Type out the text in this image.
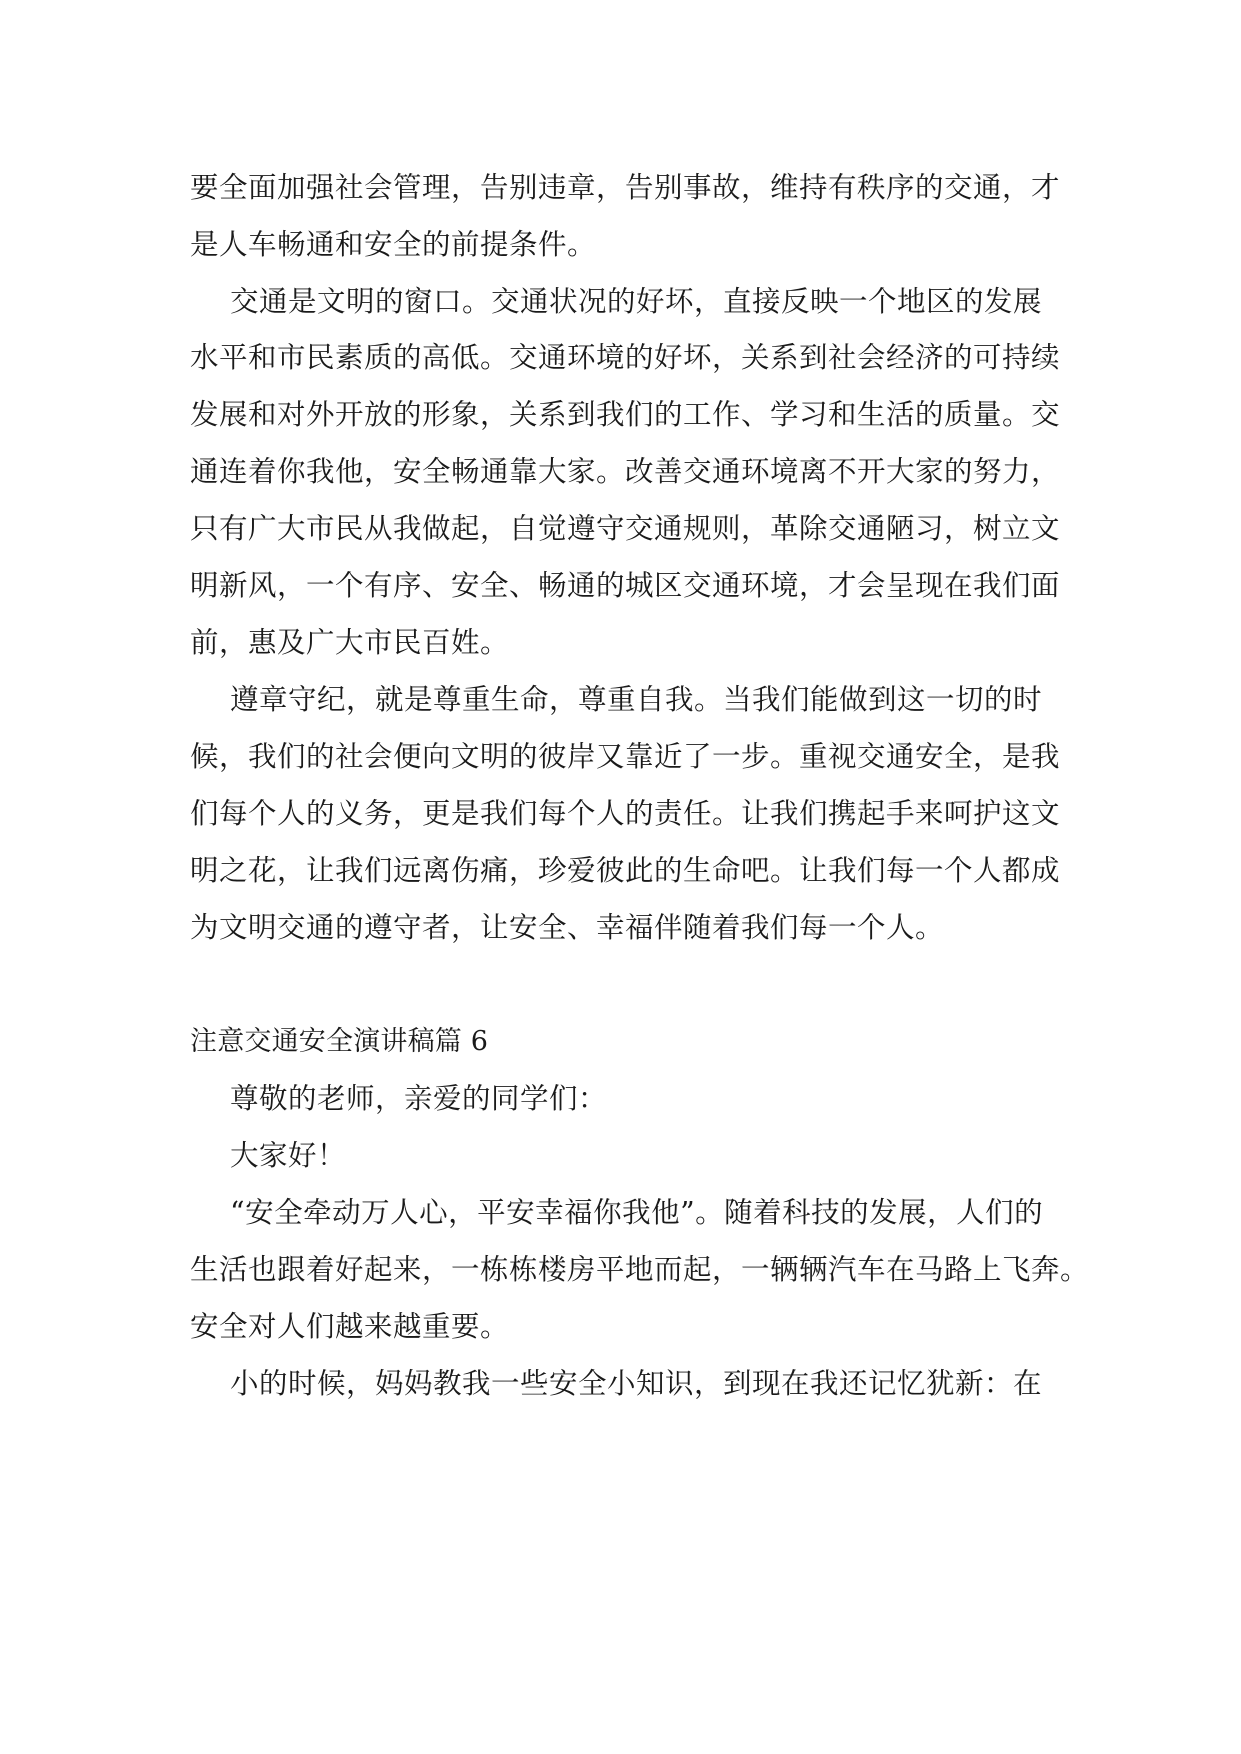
要全面加强社会管理，告别违章，告别事故，维持有秩序的交通，才
是人车畅通和安全的前提条件。
交通是文明的窗口。交通状况的好坏，直接反映一个地区的发展
水平和市民素质的高低。交通环境的好坏，关系到社会经济的可持续
发展和对外开放的形象，关系到我们的工作、学习和生活的质量。交
通连着你我他，安全畅通靠大家。改善交通环境离不开大家的努力，
只有广大市民从我做起，自觉遵守交通规则，革除交通陋习，树立文
明新风，一个有序、安全、畅通的城区交通环境，才会呈现在我们面
前，惠及广大市民百姓。
遵章守纪，就是尊重生命，尊重自我。当我们能做到这一切的时
候，我们的社会便向文明的彼岸又靠近了一步。重视交通安全，是我
们每个人的义务，更是我们每个人的责任。让我们携起手来呵护这文
明之花，让我们远离伤痛，珍爱彼此的生命吧。让我们每一个人都成
为文明交通的遵守者，让安全、幸福伴随着我们每一个人。
注意交通安全演讲稿篇 6
尊敬的老师，亲爱的同学们：
大家好！
“安全牵动万人心，平安幸福你我他”。随着科技的发展，人们的
生活也跟着好起来，一栋栋楼房平地而起，一辆辆汽车在马路上飞奔。
安全对人们越来越重要。
小的时候，妈妈教我一些安全小知识，到现在我还记忆犹新：在
